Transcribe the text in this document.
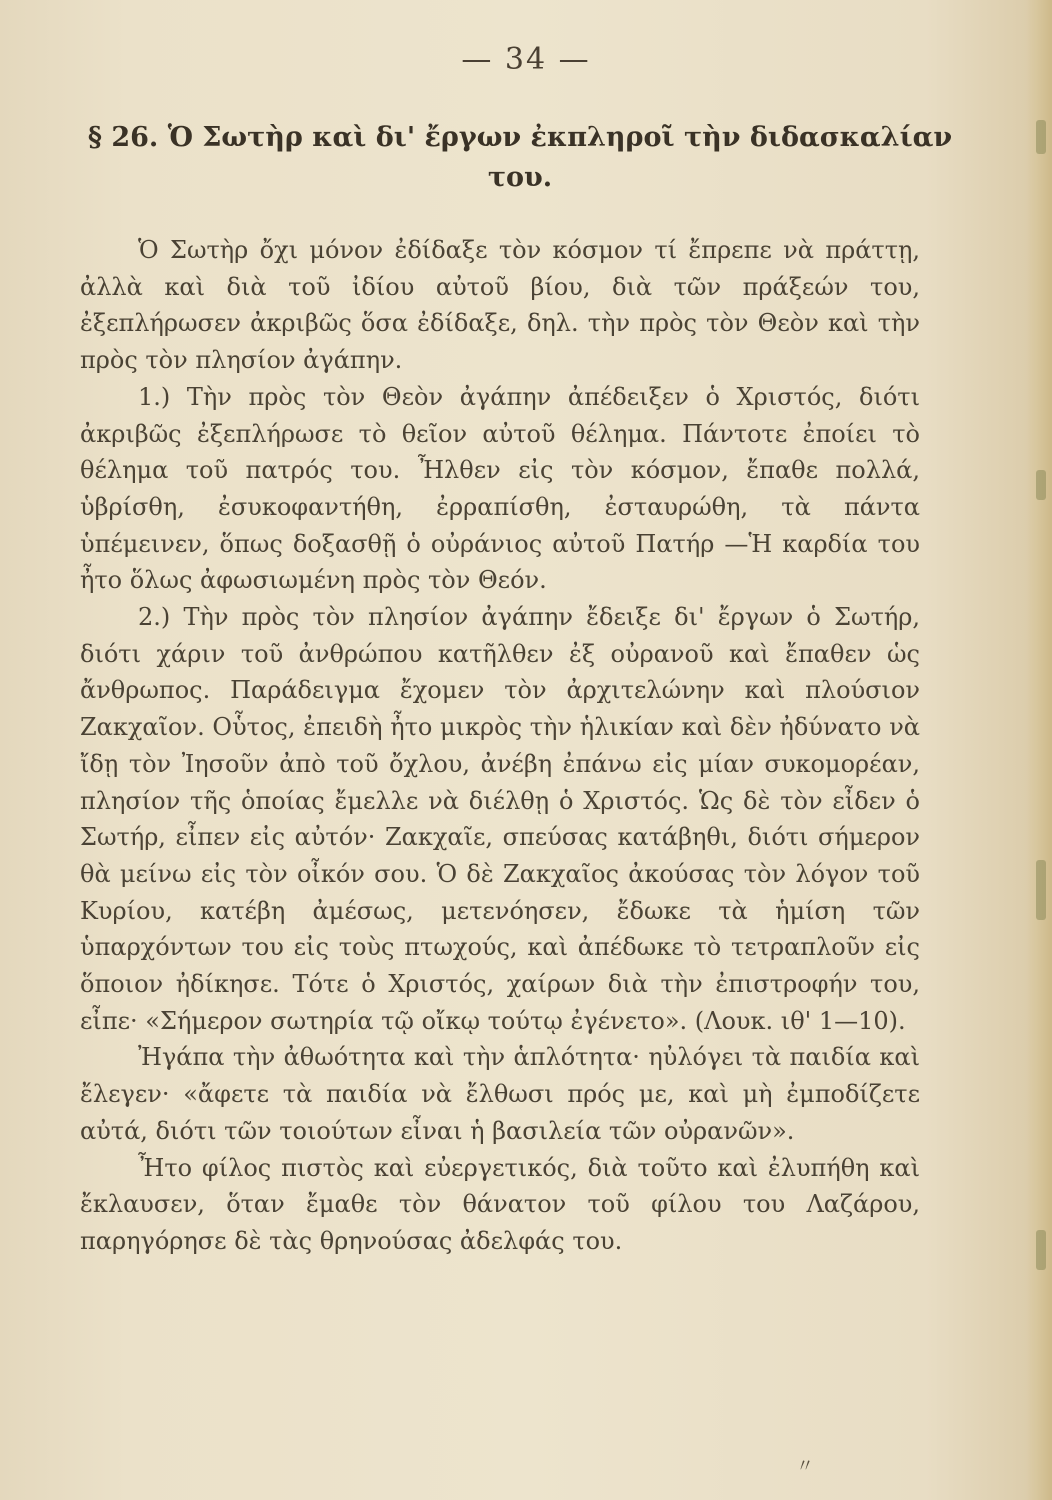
— 34 —
§ 26. Ὁ Σωτὴρ καὶ δι' ἔργων ἐκπληροῖ τὴν διδασκαλίαν του.

Ὁ Σωτὴρ ὄχι μόνον ἐδίδαξε τὸν κόσμον τί ἔπρεπε νὰ πράττῃ, ἀλλὰ καὶ διὰ τοῦ ἰδίου αὐτοῦ βίου, διὰ τῶν πράξεών του, ἐξεπλήρωσεν ἀκριβῶς ὅσα ἐδίδαξε, δηλ. τὴν πρὸς τὸν Θεὸν καὶ τὴν πρὸς τὸν πλησίον ἀγάπην.

1.) Τὴν πρὸς τὸν Θεὸν ἀγάπην ἀπέδειξεν ὁ Χριστός, διότι ἀκριβῶς ἐξεπλήρωσε τὸ θεῖον αὐτοῦ θέλημα. Πάντοτε ἐποίει τὸ θέλημα τοῦ πατρός του. Ἦλθεν εἰς τὸν κόσμον, ἔπαθε πολλά, ὑβρίσθη, ἐσυκοφαντήθη, ἐρραπίσθη, ἐσταυρώθη, τὰ πάντα ὑπέμεινεν, ὅπως δοξασθῇ ὁ οὐράνιος αὐτοῦ Πατήρ —Ἡ καρδία του ἦτο ὅλως ἀφωσιωμένη πρὸς τὸν Θεόν.

2.) Τὴν πρὸς τὸν πλησίον ἀγάπην ἔδειξε δι' ἔργων ὁ Σωτήρ, διότι χάριν τοῦ ἀνθρώπου κατῆλθεν ἐξ οὐρανοῦ καὶ ἔπαθεν ὡς ἄνθρωπος. Παράδειγμα ἔχομεν τὸν ἀρχιτελώνην καὶ πλούσιον Ζακχαῖον. Οὗτος, ἐπειδὴ ἦτο μικρὸς τὴν ἡλικίαν καὶ δὲν ἠδύνατο νὰ ἴδῃ τὸν Ἰησοῦν ἀπὸ τοῦ ὄχλου, ἀνέβη ἐπάνω εἰς μίαν συκομορέαν, πλησίον τῆς ὁποίας ἔμελλε νὰ διέλθῃ ὁ Χριστός. Ὡς δὲ τὸν εἶδεν ὁ Σωτήρ, εἶπεν εἰς αὐτόν· Ζακχαῖε, σπεύσας κατάβηθι, διότι σήμερον θὰ μείνω εἰς τὸν οἶκόν σου. Ὁ δὲ Ζακχαῖος ἀκούσας τὸν λόγον τοῦ Κυρίου, κατέβη ἀμέσως, μετενόησεν, ἔδωκε τὰ ἡμίση τῶν ὑπαρχόντων του εἰς τοὺς πτωχούς, καὶ ἀπέδωκε τὸ τετραπλοῦν εἰς ὅποιον ἠδίκησε. Τότε ὁ Χριστός, χαίρων διὰ τὴν ἐπιστροφήν του, εἶπε· «Σήμερον σωτηρία τῷ οἴκῳ τούτῳ ἐγένετο». (Λουκ. ιθ' 1—10).

Ἠγάπα τὴν ἀθωότητα καὶ τὴν ἁπλότητα· ηὐλόγει τὰ παιδία καὶ ἔλεγεν· «ἄφετε τὰ παιδία νὰ ἔλθωσι πρός με, καὶ μὴ ἐμποδίζετε αὐτά, διότι τῶν τοιούτων εἶναι ἡ βασιλεία τῶν οὐρανῶν».

Ἦτο φίλος πιστὸς καὶ εὐεργετικός, διὰ τοῦτο καὶ ἐλυπήθη καὶ ἔκλαυσεν, ὅταν ἔμαθε τὸν θάνατον τοῦ φίλου του Λαζάρου, παρηγόρησε δὲ τὰς θρηνούσας ἀδελφάς του.

〃
